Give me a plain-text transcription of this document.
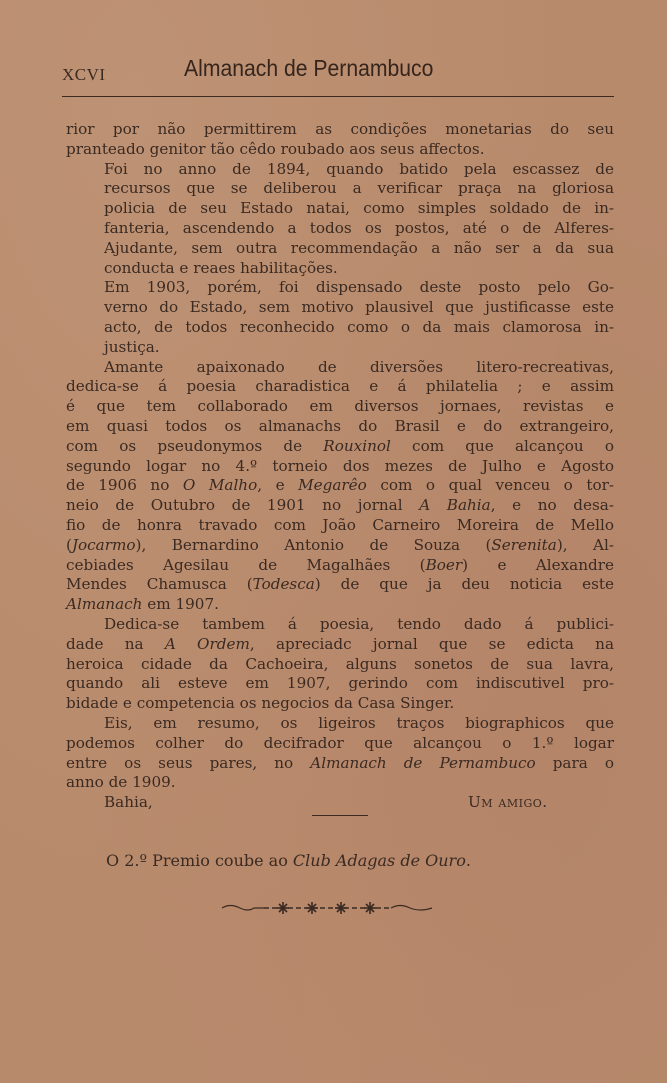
XCVI	Almanach de Pernambuco

rior por não permittirem as condições monetarias do seu
pranteado genitor tão cêdo roubado aos seus affectos.

Foi no anno de 1894, quando batido pela escassez de
recursos que se deliberou a verificar praça na gloriosa
policia de seu Estado natai, como simples soldado de in-
fanteria, ascendendo a todos os postos, até o de Alferes-
Ajudante, sem outra recommendação a não ser a da sua
conducta e reaes habilitações.

Em 1903, porém, foi dispensado deste posto pelo Go-
verno do Estado, sem motivo plausivel que justificasse este
acto, de todos reconhecido como o da mais clamorosa in-
justiça.

Amante apaixonado de diversões litero-recreativas,
dedica-se á poesia charadistica e á philatelia ; e assim
é que tem collaborado em diversos jornaes, revistas e
em quasi todos os almanachs do Brasil e do extrangeiro,
com os pseudonymos de Rouxinol com que alcançou o
segundo logar no 4.º torneio dos mezes de Julho e Agosto
de 1906 no O Malho, e Megarêo com o qual venceu o tor-
neio de Outubro de 1901 no jornal A Bahia, e no desa-
fio de honra travado com João Carneiro Moreira de Mello
(Jocarmo), Bernardino Antonio de Souza (Serenita), Al-
cebiades Agesilau de Magalhães (Boer) e Alexandre
Mendes Chamusca (Todesca) de que ja deu noticia este
Almanach em 1907.

Dedica-se tambem á poesia, tendo dado á publici-
dade na A Ordem, apreciadc jornal que se edicta na
heroica cidade da Cachoeira, alguns sonetos de sua lavra,
quando ali esteve em 1907, gerindo com indiscutivel pro-
bidade e competencia os negocios da Casa Singer.

Eis, em resumo, os ligeiros traços biographicos que
podemos colher do decifrador que alcançou o 1.º logar
entre os seus pares, no Almanach de Pernambuco para o
anno de 1909.

Bahia,	Um amigo.
O 2.º Premio coube ao Club Adagas de Ouro.
